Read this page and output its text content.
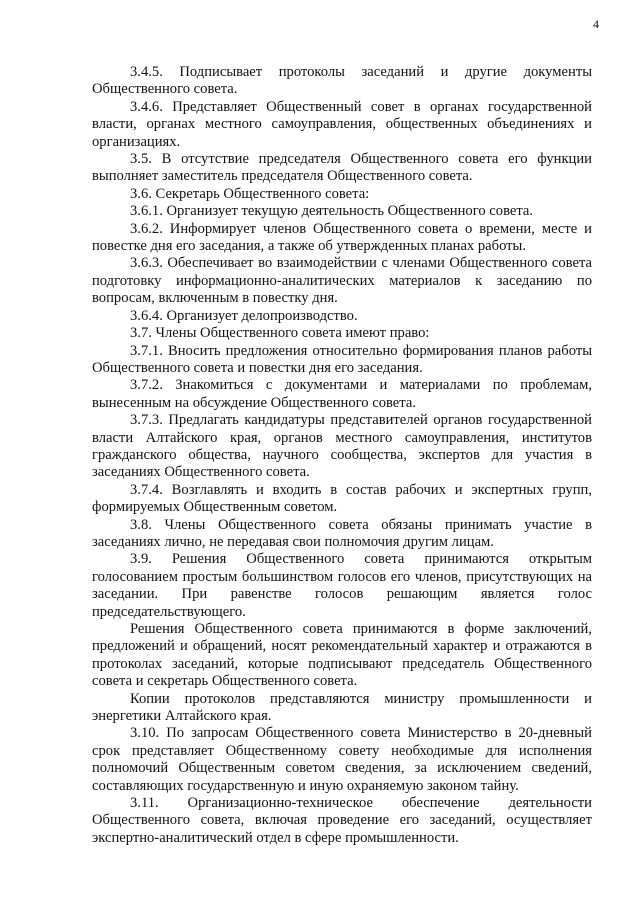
4

3.4.5. Подписывает протоколы заседаний и другие документы Общественного совета.

3.4.6. Представляет Общественный совет в органах государственной власти, органах местного самоуправления, общественных объединениях и организациях.

3.5. В отсутствие председателя Общественного совета его функции выполняет заместитель председателя Общественного совета.

3.6. Секретарь Общественного совета:

3.6.1. Организует текущую деятельность Общественного совета.

3.6.2. Информирует членов Общественного совета о времени, месте и повестке дня его заседания, а также об утвержденных планах работы.

3.6.3. Обеспечивает во взаимодействии с членами Общественного совета подготовку информационно-аналитических материалов к заседанию по вопросам, включенным в повестку дня.

3.6.4. Организует делопроизводство.

3.7. Члены Общественного совета имеют право:

3.7.1. Вносить предложения относительно формирования планов работы Общественного совета и повестки дня его заседания.

3.7.2. Знакомиться с документами и материалами по проблемам, вынесенным на обсуждение Общественного совета.

3.7.3. Предлагать кандидатуры представителей органов государственной власти Алтайского края, органов местного самоуправления, институтов гражданского общества, научного сообщества, экспертов для участия в заседаниях Общественного совета.

3.7.4. Возглавлять и входить в состав рабочих и экспертных групп, формируемых Общественным советом.

3.8. Члены Общественного совета обязаны принимать участие в заседаниях лично, не передавая свои полномочия другим лицам.

3.9. Решения Общественного совета принимаются открытым голосованием простым большинством голосов его членов, присутствующих на заседании. При равенстве голосов решающим является голос председательствующего.

Решения Общественного совета принимаются в форме заключений, предложений и обращений, носят рекомендательный характер и отражаются в протоколах заседаний, которые подписывают председатель Общественного совета и секретарь Общественного совета.

Копии протоколов представляются министру промышленности и энергетики Алтайского края.

3.10. По запросам Общественного совета Министерство в 20-дневный срок представляет Общественному совету необходимые для исполнения полномочий Общественным советом сведения, за исключением сведений, составляющих государственную и иную охраняемую законом тайну.

3.11. Организационно-техническое обеспечение деятельности Общественного совета, включая проведение его заседаний, осуществляет экспертно-аналитический отдел в сфере промышленности.
